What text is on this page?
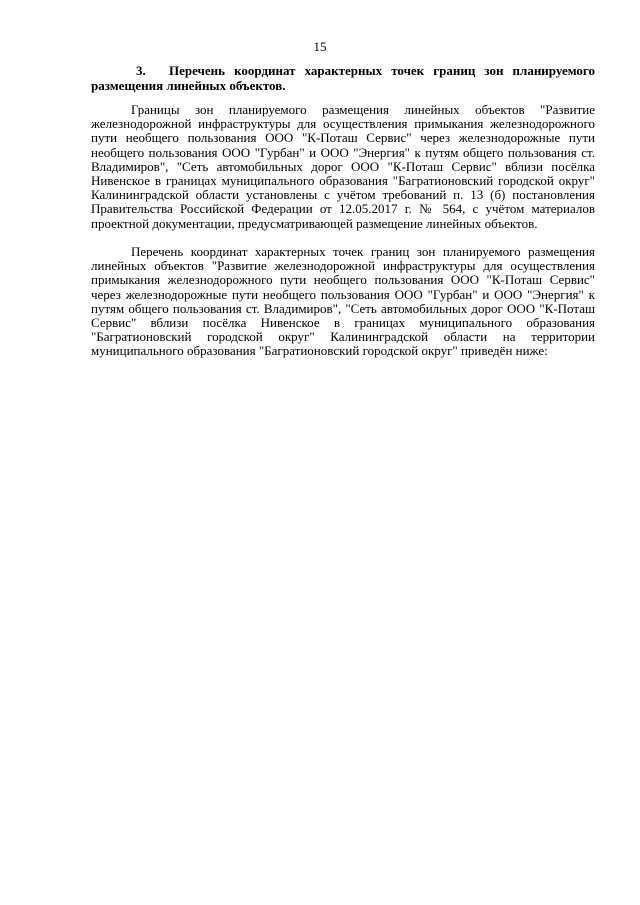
15
3. Перечень координат характерных точек границ зон планируемого размещения линейных объектов.

Границы зон планируемого размещения линейных объектов "Развитие железнодорожной инфраструктуры для осуществления примыкания железнодорожного пути необщего пользования ООО "К-Поташ Сервис" через железнодорожные пути необщего пользования ООО "Гурбан" и ООО "Энергия" к путям общего пользования ст. Владимиров", "Сеть автомобильных дорог ООО "К-Поташ Сервис" вблизи посёлка Нивенское в границах муниципального образования "Багратионовский городской округ" Калининградской области установлены с учётом требований п. 13 (б) постановления Правительства Российской Федерации от 12.05.2017 г. № 564, с учётом материалов проектной документации, предусматривающей размещение линейных объектов.

Перечень координат характерных точек границ зон планируемого размещения линейных объектов "Развитие железнодорожной инфраструктуры для осуществления примыкания железнодорожного пути необщего пользования ООО "К-Поташ Сервис" через железнодорожные пути необщего пользования ООО "Гурбан" и ООО "Энергия" к путям общего пользования ст. Владимиров", "Сеть автомобильных дорог ООО "К-Поташ Сервис" вблизи посёлка Нивенское в границах муниципального образования "Багратионовский городской округ" Калининградской области на территории муниципального образования "Багратионовский городской округ" приведён ниже:
